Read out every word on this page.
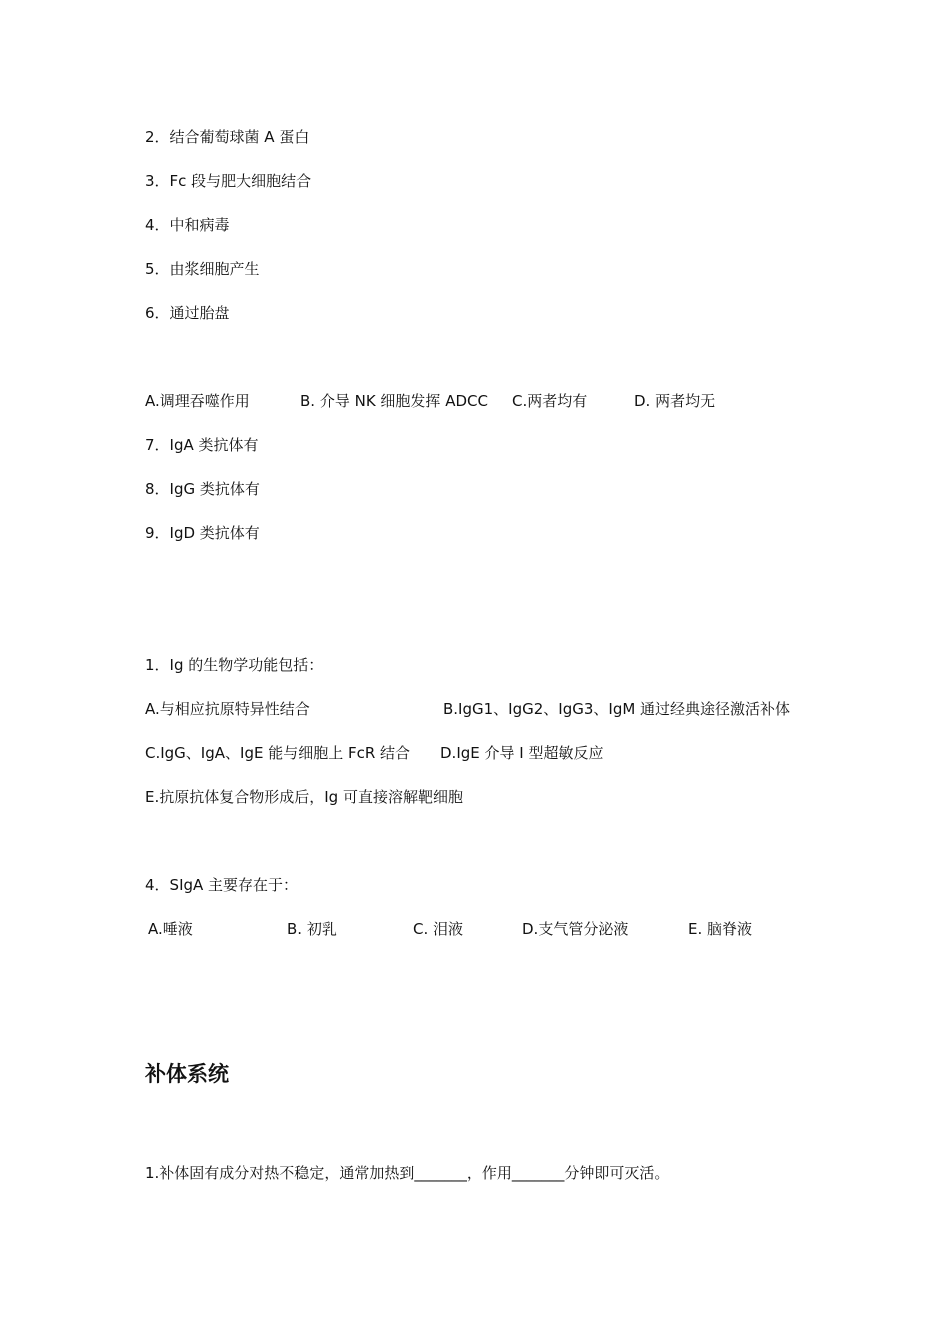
2．结合葡萄球菌 A 蛋白
3．Fc 段与肥大细胞结合
4．中和病毒
5．由浆细胞产生
6．通过胎盘
A.调理吞噬作用	B. 介导 NK 细胞发挥 ADCC C.两者均有	D. 两者均无
7．IgA 类抗体有
8．IgG 类抗体有
9．IgD 类抗体有
1．Ig 的生物学功能包括：
A.与相应抗原特异性结合	B.IgG1、IgG2、IgG3、IgM 通过经典途径激活补体
C.IgG、IgA、IgE 能与细胞上 FcR 结合 D.IgE 介导 I 型超敏反应
E.抗原抗体复合物形成后，Ig 可直接溶解靶细胞
4．SIgA 主要存在于：
A.唾液	B. 初乳	C. 泪液	D.支气管分泌液	E. 脑脊液
补体系统
1.补体固有成分对热不稳定，通常加热到_______，作用_______分钟即可灭活。
